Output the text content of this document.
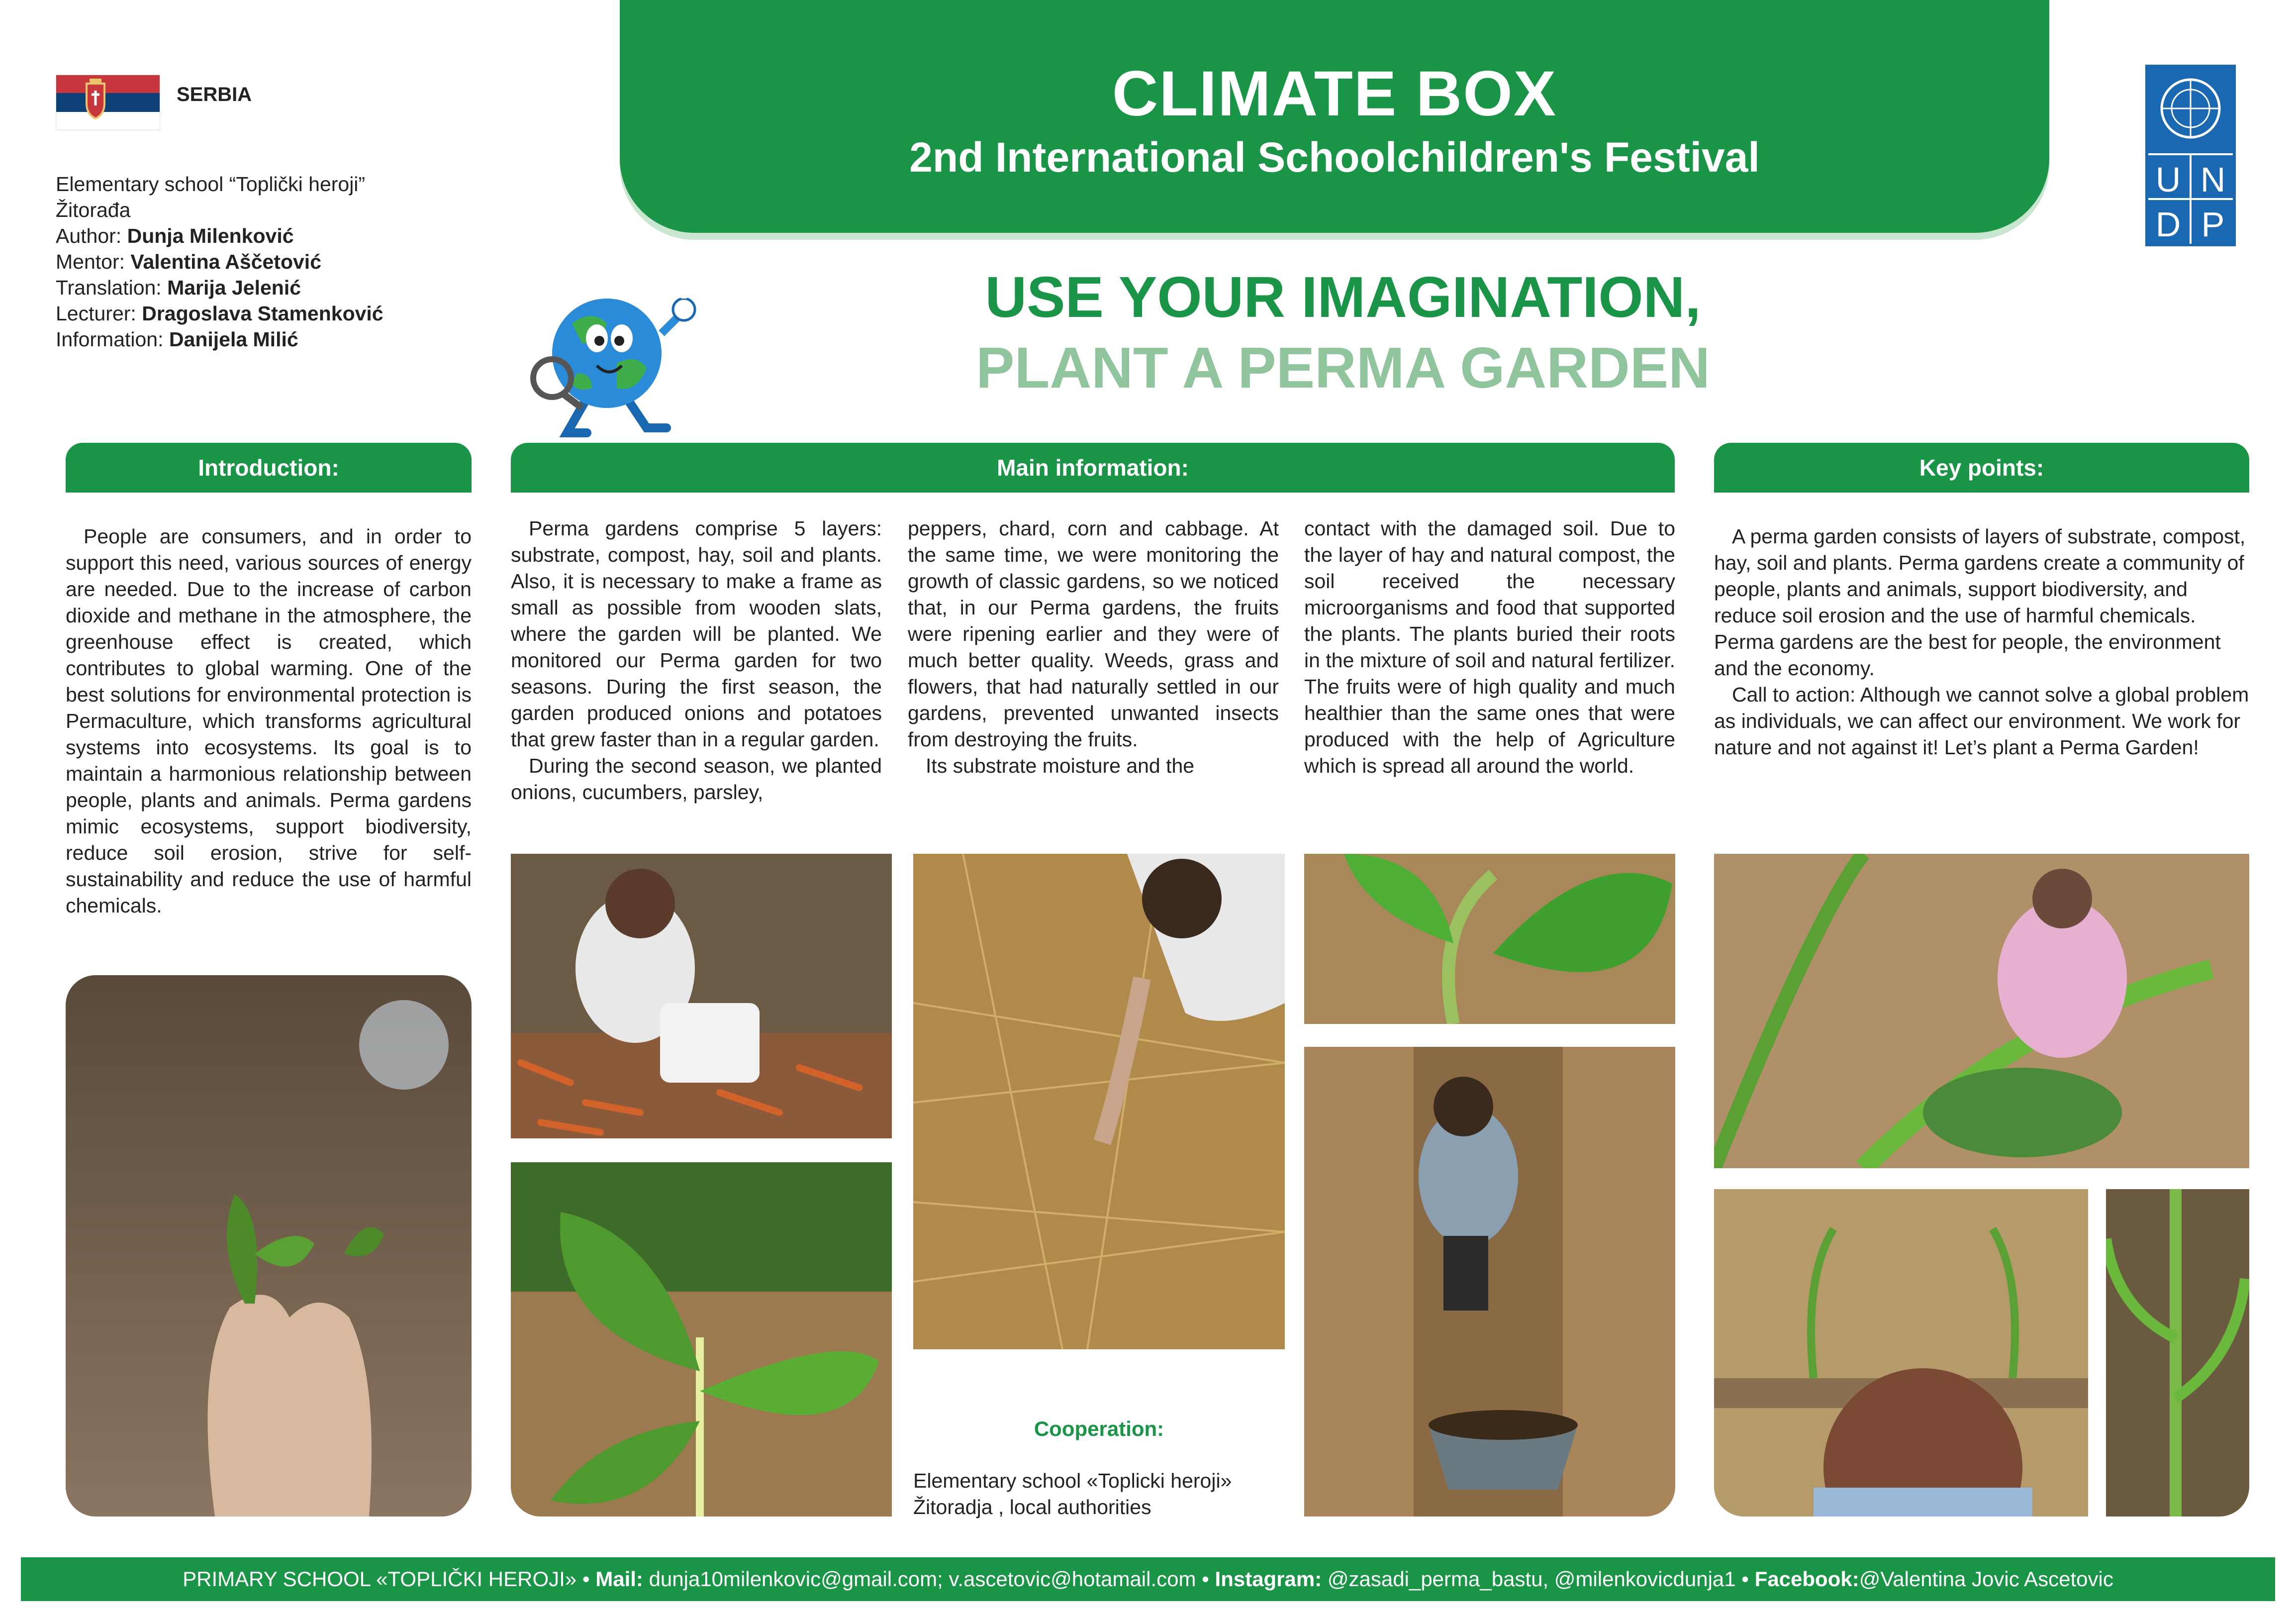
CLIMATE BOX
2nd International Schoolchildren's Festival
SERBIA
Elementary school “Toplički heroji”
Žitorađa
Author: Dunja Milenković
Mentor: Valentina Aščetović
Translation: Marija Jelenić
Lecturer: Dragoslava Stamenković
Information: Danijela Milić
U N
D P
USE YOUR IMAGINATION,
PLANT A PERMA GARDEN
Introduction:	Main information:	Key points:

People are consumers, and in order to support this need, various sources of energy are needed. Due to the increase of carbon dioxide and methane in the atmosphere, the greenhouse effect is created, which contributes to global warming. One of the best solutions for environmental protection is Permaculture, which transforms agricultural systems into ecosystems. Its goal is to maintain a harmonious relationship between people, plants and animals. Perma gardens mimic ecosystems, support biodiversity, reduce soil erosion, strive for self-sustainability and reduce the use of harmful chemicals.

Perma gardens comprise 5 layers: substrate, compost, hay, soil and plants. Also, it is necessary to make a frame as small as possible from wooden slats, where the garden will be planted. We monitored our Perma garden for two seasons. During the first season, the garden produced onions and potatoes that grew faster than in a regular garden.

During the second season, we planted onions, cucumbers, parsley,

peppers, chard, corn and cabbage. At the same time, we were monitoring the growth of classic gardens, so we noticed that, in our Perma gardens, the fruits were ripening earlier and they were of much better quality. Weeds, grass and flowers, that had naturally settled in our gardens, prevented unwanted insects from destroying the fruits.

Its substrate moisture and the

contact with the damaged soil. Due to the layer of hay and natural compost, the soil received the necessary microorganisms and food that supported the plants. The plants buried their roots in the mixture of soil and natural fertilizer. The fruits were of high quality and much healthier than the same ones that were produced with the help of Agriculture which is spread all around the world.

A perma garden consists of layers of substrate, compost, hay, soil and plants. Perma gardens create a community of people, plants and animals, support biodiversity, and reduce soil erosion and the use of harmful chemicals. Perma gardens are the best for people, the environment and the economy.

Call to action: Although we cannot solve a global problem as individuals, we can affect our environment. We work for nature and not against it! Let’s plant a Perma Garden!

Cooperation:
Elementary school «Toplicki heroji» Žitoradja , local authorities
PRIMARY SCHOOL «TOPLIČKI HEROJI» • Mail: dunja10milenkovic@gmail.com; v.ascetovic@hotamail.com • Instagram: @zasadi_perma_bastu, @milenkovicdunja1 • Facebook:@Valentina Jovic Ascetovic
